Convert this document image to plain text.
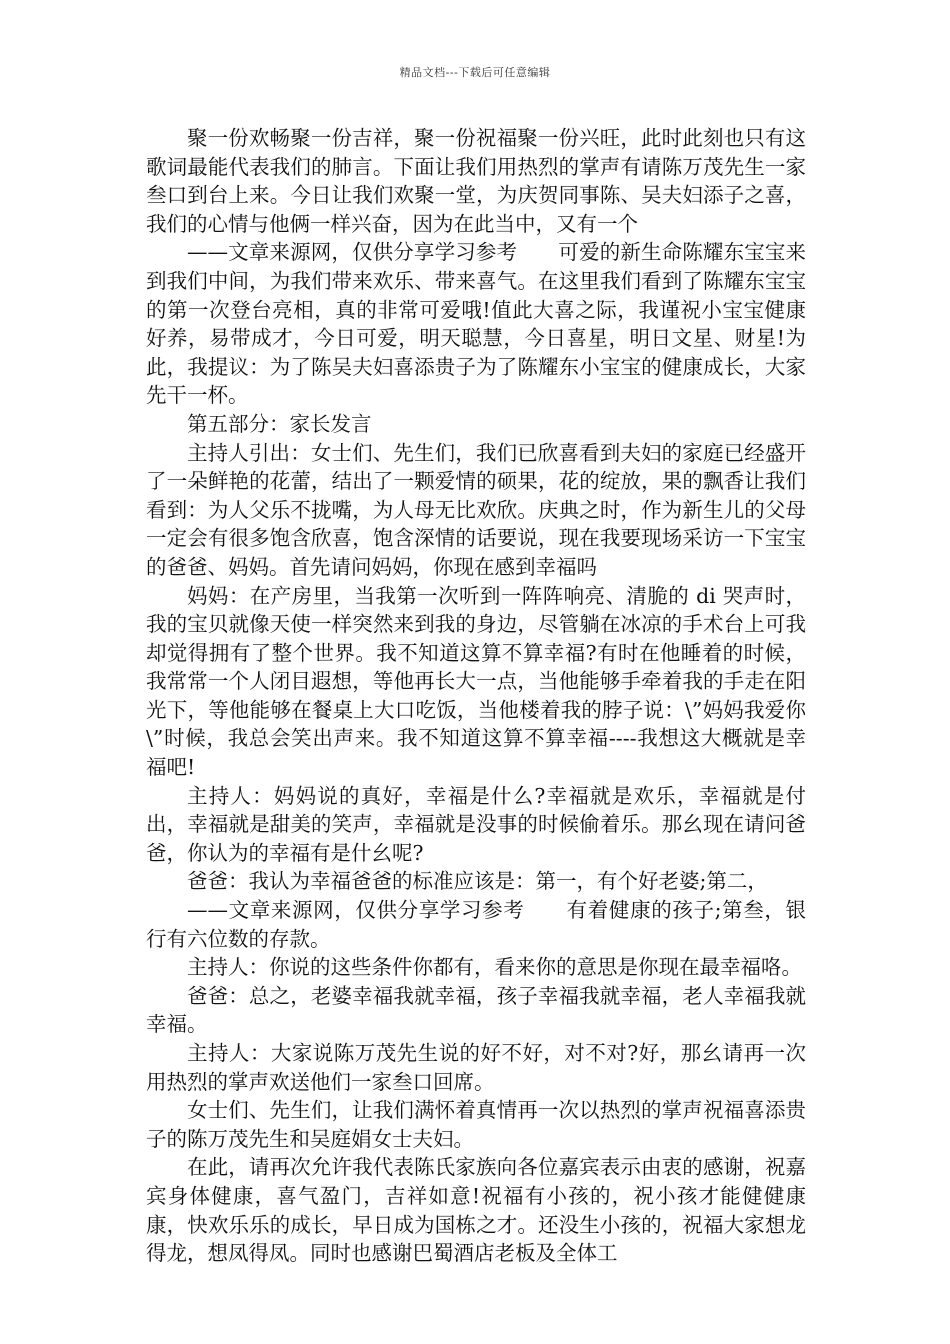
精品文档---下载后可任意编辑

聚一份欢畅聚一份吉祥，聚一份祝福聚一份兴旺，此时此刻也只有这歌词最能代表我们的肺言。下面让我们用热烈的掌声有请陈万茂先生一家叁口到台上来。今日让我们欢聚一堂，为庆贺同事陈、吴夫妇添子之喜，我们的心情与他俩一样兴奋，因为在此当中，又有一个

——文章来源网，仅供分享学习参考　　可爱的新生命陈耀东宝宝来到我们中间，为我们带来欢乐、带来喜气。在这里我们看到了陈耀东宝宝的第一次登台亮相，真的非常可爱哦!值此大喜之际，我谨祝小宝宝健康好养，易带成才，今日可爱，明天聪慧，今日喜星，明日文星、财星!为此，我提议：为了陈吴夫妇喜添贵子为了陈耀东小宝宝的健康成长，大家先干一杯。

第五部分：家长发言

主持人引出：女士们、先生们，我们已欣喜看到夫妇的家庭已经盛开了一朵鲜艳的花蕾，结出了一颗爱情的硕果，花的绽放，果的飘香让我们看到：为人父乐不拢嘴，为人母无比欢欣。庆典之时，作为新生儿的父母一定会有很多饱含欣喜，饱含深情的话要说，现在我要现场采访一下宝宝的爸爸、妈妈。首先请问妈妈，你现在感到幸福吗

妈妈：在产房里，当我第一次听到一阵阵响亮、清脆的 di 哭声时，我的宝贝就像天使一样突然来到我的身边，尽管躺在冰凉的手术台上可我却觉得拥有了整个世界。我不知道这算不算幸福?有时在他睡着的时候，我常常一个人闭目遐想，等他再长大一点，当他能够手牵着我的手走在阳光下，等他能够在餐桌上大口吃饭，当他楼着我的脖子说：\”妈妈我爱你\”时候，我总会笑出声来。我不知道这算不算幸福----我想这大概就是幸福吧!

主持人：妈妈说的真好，幸福是什么?幸福就是欢乐，幸福就是付出，幸福就是甜美的笑声，幸福就是没事的时候偷着乐。那幺现在请问爸爸，你认为的幸福有是什幺呢?

爸爸：我认为幸福爸爸的标准应该是：第一，有个好老婆;第二，

——文章来源网，仅供分享学习参考　　有着健康的孩子;第叁，银行有六位数的存款。

主持人：你说的这些条件你都有，看来你的意思是你现在最幸福咯。

爸爸：总之，老婆幸福我就幸福，孩子幸福我就幸福，老人幸福我就幸福。

主持人：大家说陈万茂先生说的好不好，对不对?好，那幺请再一次用热烈的掌声欢送他们一家叁口回席。

女士们、先生们，让我们满怀着真情再一次以热烈的掌声祝福喜添贵子的陈万茂先生和吴庭娟女士夫妇。

在此，请再次允许我代表陈氏家族向各位嘉宾表示由衷的感谢，祝嘉宾身体健康，喜气盈门，吉祥如意!祝福有小孩的，祝小孩才能健健康康，快欢乐乐的成长，早日成为国栋之才。还没生小孩的，祝福大家想龙得龙，想凤得凤。同时也感谢巴蜀酒店老板及全体工
